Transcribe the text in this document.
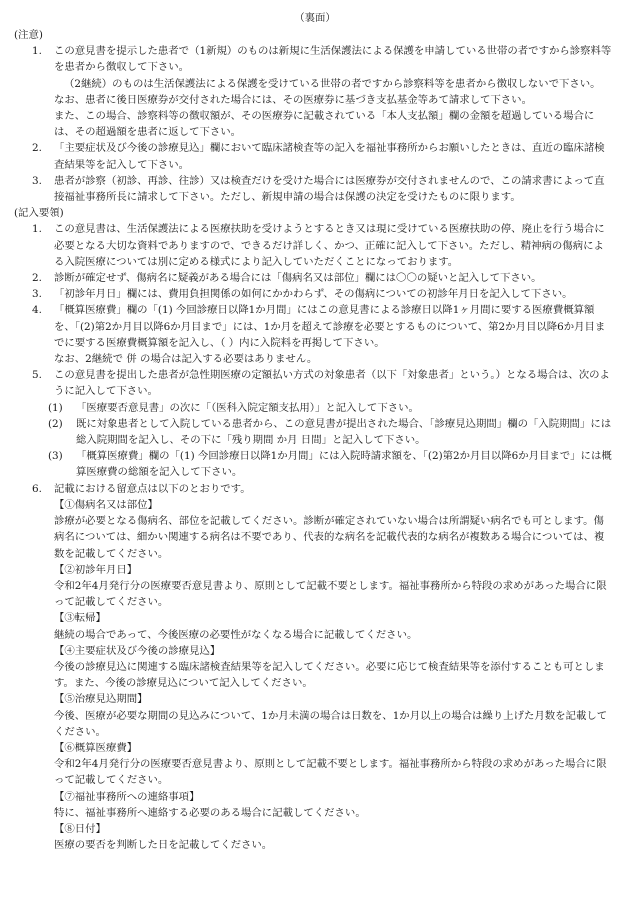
（裏面）
(注意)
1.	この意見書を提示した患者で（1新規）のものは新規に生活保護法による保護を申請している世帯の者ですから診察料等を患者から徴収して下さい。

（2継続）のものは生活保護法による保護を受けている世帯の者ですから診察料等を患者から徴収しないで下さい。

なお、患者に後日医療券が交付された場合には、その医療券に基づき支払基金等あて請求して下さい。

また、この場合、診察料等の徴収額が、その医療券に記載されている「本人支払額」欄の金額を超過している場合には、その超過額を患者に返して下さい。

2.	「主要症状及び今後の診療見込」欄において臨床諸検査等の記入を福祉事務所からお願いしたときは、直近の臨床諸検査結果等を記入して下さい。

3.	患者が診察（初診、再診、往診）又は検査だけを受けた場合には医療券が交付されませんので、この請求書によって直接福祉事務所長に請求して下さい。ただし、新規申請の場合は保護の決定を受けたものに限ります。

(記入要領)
1.	この意見書は、生活保護法による医療扶助を受けようとするとき又は現に受けている医療扶助の停、廃止を行う場合に必要となる大切な資料でありますので、できるだけ詳しく、かつ、正確に記入して下さい。ただし、精神病の傷病による入院医療については別に定める様式により記入していただくことになっております。

2.	診断が確定せず、傷病名に疑義がある場合には「傷病名又は部位」欄には〇〇の疑いと記入して下さい。

3.	「初診年月日」欄には、費用負担関係の如何にかかわらず、その傷病についての初診年月日を記入して下さい。

4.	「概算医療費」欄の「(1) 今回診療日以降1か月間」にはこの意見書による診療日以降1ヶ月間に要する医療費概算額を、「(2)第2か月目以降6か月目まで」には、1か月を超えて診療を必要とするものについて、第2か月目以降6か月目までに要する医療費概算額を記入し、（ ）内に入院料を再掲して下さい。

なお、2継続で 併 の場合は記入する必要はありません。

5.	この意見書を提出した患者が急性期医療の定額払い方式の対象患者（以下「対象患者」という。）となる場合は、次のように記入して下さい。

(1)	「医療要否意見書」の次に「（医科入院定額支払用）」と記入して下さい。

(2)	既に対象患者として入院している患者から、この意見書が提出された場合、「診療見込期間」欄の「入院期間」には総入院期間を記入し、その下に「残り期間 か月 日間」と記入して下さい。

(3)	「概算医療費」欄の「(1) 今回診療日以降1か月間」には入院時請求額を、「(2)第2か月目以降6か月目まで」には概算医療費の総額を記入して下さい。

6.	記載における留意点は以下のとおりです。

【①傷病名又は部位】
診療が必要となる傷病名、部位を記載してください。診断が確定されていない場合は所謂疑い病名でも可とします。傷病名については、細かい関連する病名は不要であり、代表的な病名を記載代表的な病名が複数ある場合については、複数を記載してください。
【②初診年月日】
令和2年4月発行分の医療要否意見書より、原則として記載不要とします。福祉事務所から特段の求めがあった場合に限って記載してください。
【③転帰】
継続の場合であって、今後医療の必要性がなくなる場合に記載してください。
【④主要症状及び今後の診療見込】
今後の診療見込に関連する臨床諸検査結果等を記入してください。必要に応じて検査結果等を添付することも可とします。また、今後の診療見込について記入してください。
【⑤治療見込期間】
今後、医療が必要な期間の見込みについて、1か月未満の場合は日数を、1か月以上の場合は繰り上げた月数を記載してください。
【⑥概算医療費】
令和2年4月発行分の医療要否意見書より、原則として記載不要とします。福祉事務所から特段の求めがあった場合に限って記載してください。
【⑦福祉事務所への連絡事項】
特に、福祉事務所へ連絡する必要のある場合に記載してください。
【⑧日付】
医療の要否を判断した日を記載してください。
